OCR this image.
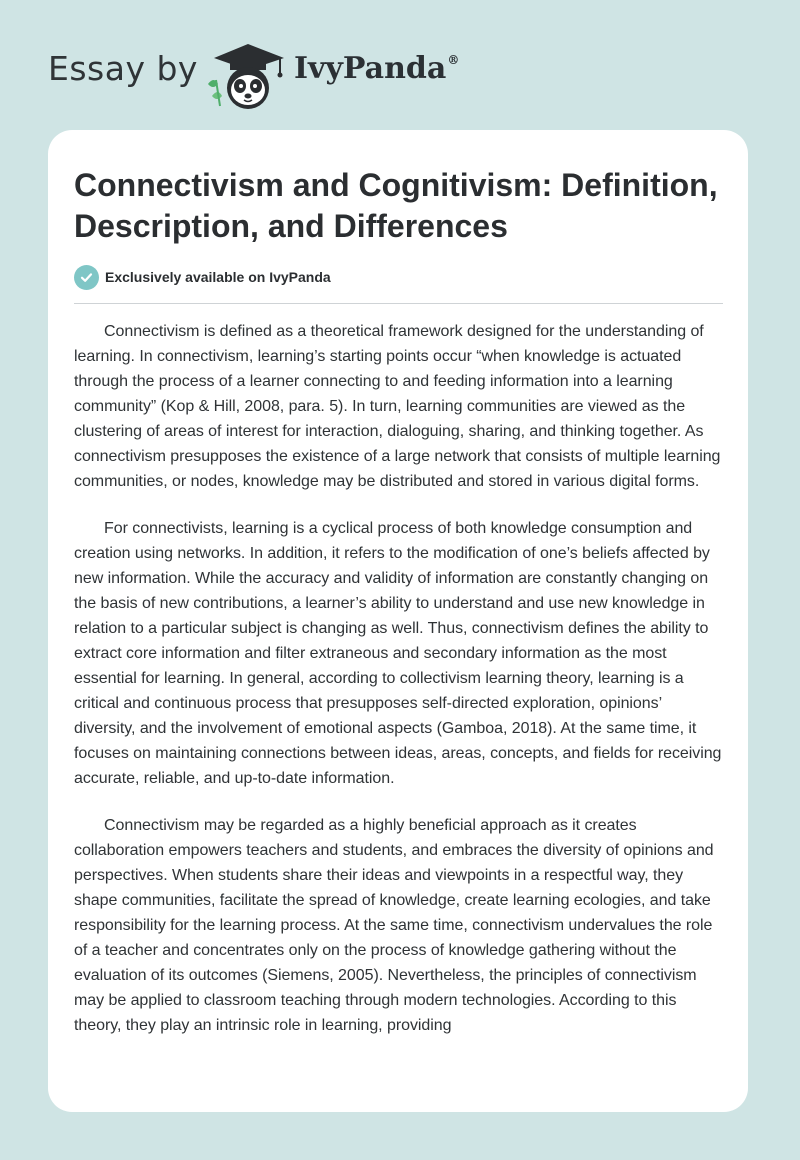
Essay by	IvyPanda®
Connectivism and Cognitivism: Definition, Description, and Differences
Exclusively available on IvyPanda

Connectivism is defined as a theoretical framework designed for the understanding of learning. In connectivism, learning’s starting points occur “when knowledge is actuated through the process of a learner connecting to and feeding information into a learning community” (Kop & Hill, 2008, para. 5). In turn, learning communities are viewed as the clustering of areas of interest for interaction, dialoguing, sharing, and thinking together. As connectivism presupposes the existence of a large network that consists of multiple learning communities, or nodes, knowledge may be distributed and stored in various digital forms.

For connectivists, learning is a cyclical process of both knowledge consumption and creation using networks. In addition, it refers to the modification of one’s beliefs affected by new information. While the accuracy and validity of information are constantly changing on the basis of new contributions, a learner’s ability to understand and use new knowledge in relation to a particular subject is changing as well. Thus, connectivism defines the ability to extract core information and filter extraneous and secondary information as the most essential for learning. In general, according to collectivism learning theory, learning is a critical and continuous process that presupposes self-directed exploration, opinions’ diversity, and the involvement of emotional aspects (Gamboa, 2018). At the same time, it focuses on maintaining connections between ideas, areas, concepts, and fields for receiving accurate, reliable, and up-to-date information.

Connectivism may be regarded as a highly beneficial approach as it creates collaboration empowers teachers and students, and embraces the diversity of opinions and perspectives. When students share their ideas and viewpoints in a respectful way, they shape communities, facilitate the spread of knowledge, create learning ecologies, and take responsibility for the learning process. At the same time, connectivism undervalues the role of a teacher and concentrates only on the process of knowledge gathering without the evaluation of its outcomes (Siemens, 2005). Nevertheless, the principles of connectivism may be applied to classroom teaching through modern technologies. According to this theory, they play an intrinsic role in learning, providing
